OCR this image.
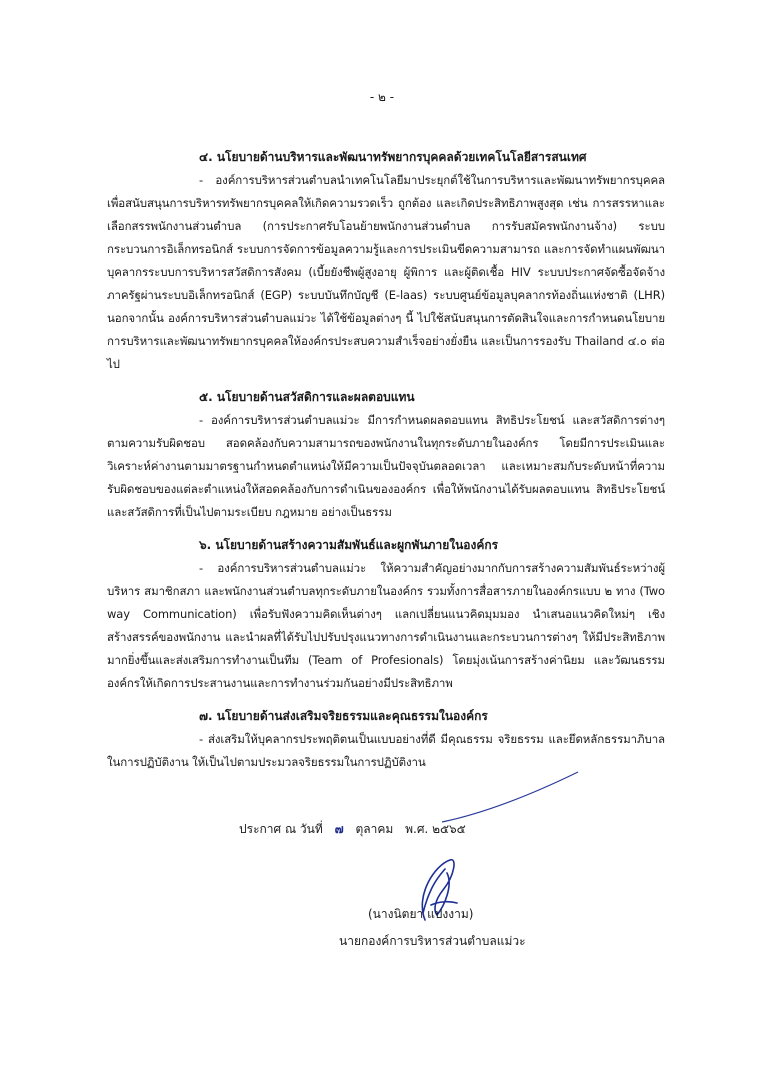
- ๒ -
๔. นโยบายด้านบริหารและพัฒนาทรัพยากรบุคคลด้วยเทคโนโลยีสารสนเทศ
- องค์การบริหารส่วนตำบลนำเทคโนโลยีมาประยุกต์ใช้ในการบริหารและพัฒนาทรัพยากรบุคคล เพื่อสนับสนุนการบริหารทรัพยากรบุคคลให้เกิดความรวดเร็ว ถูกต้อง และเกิดประสิทธิภาพสูงสุด เช่น การสรรหาและเลือกสรรพนักงานส่วนตำบล (การประกาศรับโอนย้ายพนักงานส่วนตำบล การรับสมัครพนักงานจ้าง) ระบบกระบวนการอิเล็กทรอนิกส์ ระบบการจัดการข้อมูลความรู้และการประเมินขีดความสามารถ และการจัดทำแผนพัฒนาบุคลากรระบบการบริหารสวัสดิการสังคม (เบี้ยยังชีพผู้สูงอายุ ผู้พิการ และผู้ติดเชื้อ HIV ระบบประกาศจัดซื้อจัดจ้างภาครัฐผ่านระบบอิเล็กทรอนิกส์ (EGP) ระบบบันทึกบัญชี (E-laas) ระบบศูนย์ข้อมูลบุคลากรท้องถิ่นแห่งชาติ (LHR) นอกจากนั้น องค์การบริหารส่วนตำบลแม่วะ ได้ใช้ข้อมูลต่างๆ นี้ ไปใช้สนับสนุนการตัดสินใจและการกำหนดนโยบายการบริหารและพัฒนาทรัพยากรบุคคลให้องค์กรประสบความสำเร็จอย่างยั่งยืน และเป็นการรองรับ Thailand ๔.๐ ต่อไป
๕. นโยบายด้านสวัสดิการและผลตอบแทน
- องค์การบริหารส่วนตำบลแม่วะ มีการกำหนดผลตอบแทน สิทธิประโยชน์ และสวัสดิการต่างๆ ตามความรับผิดชอบ สอดคล้องกับความสามารถของพนักงานในทุกระดับภายในองค์กร โดยมีการประเมินและวิเคราะห์ค่างานตามมาตรฐานกำหนดตำแหน่งให้มีความเป็นปัจจุบันตลอดเวลา และเหมาะสมกับระดับหน้าที่ความรับผิดชอบของแต่ละตำแหน่งให้สอดคล้องกับการดำเนินขององค์กร เพื่อให้พนักงานได้รับผลตอบแทน สิทธิประโยชน์และสวัสดิการที่เป็นไปตามระเบียบ กฎหมาย อย่างเป็นธรรม
๖. นโยบายด้านสร้างความสัมพันธ์และผูกพันภายในองค์กร
- องค์การบริหารส่วนตำบลแม่วะ ให้ความสำคัญอย่างมากกับการสร้างความสัมพันธ์ระหว่างผู้บริหาร สมาชิกสภา และพนักงานส่วนตำบลทุกระดับภายในองค์กร รวมทั้งการสื่อสารภายในองค์กรแบบ ๒ ทาง (Two way Communication) เพื่อรับฟังความคิดเห็นต่างๆ แลกเปลี่ยนแนวคิดมุมมอง นำเสนอแนวคิดใหม่ๆ เชิงสร้างสรรค์ของพนักงาน และนำผลที่ได้รับไปปรับปรุงแนวทางการดำเนินงานและกระบวนการต่างๆ ให้มีประสิทธิภาพมากยิ่งขึ้นและส่งเสริมการทำงานเป็นทีม (Team of Profesionals) โดยมุ่งเน้นการสร้างค่านิยม และวัฒนธรรมองค์กรให้เกิดการประสานงานและการทำงานร่วมกันอย่างมีประสิทธิภาพ
๗. นโยบายด้านส่งเสริมจริยธรรมและคุณธรรมในองค์กร
- ส่งเสริมให้บุคลากรประพฤติตนเป็นแบบอย่างที่ดี มีคุณธรรม จริยธรรม และยึดหลักธรรมาภิบาลในการปฏิบัติงาน ให้เป็นไปตามประมวลจริยธรรมในการปฏิบัติงาน
ประกาศ ณ วันที่ ๗ ตุลาคม พ.ศ. ๒๕๖๕
(นางนิตยา แปงงาม)
นายกองค์การบริหารส่วนตำบลแม่วะ
